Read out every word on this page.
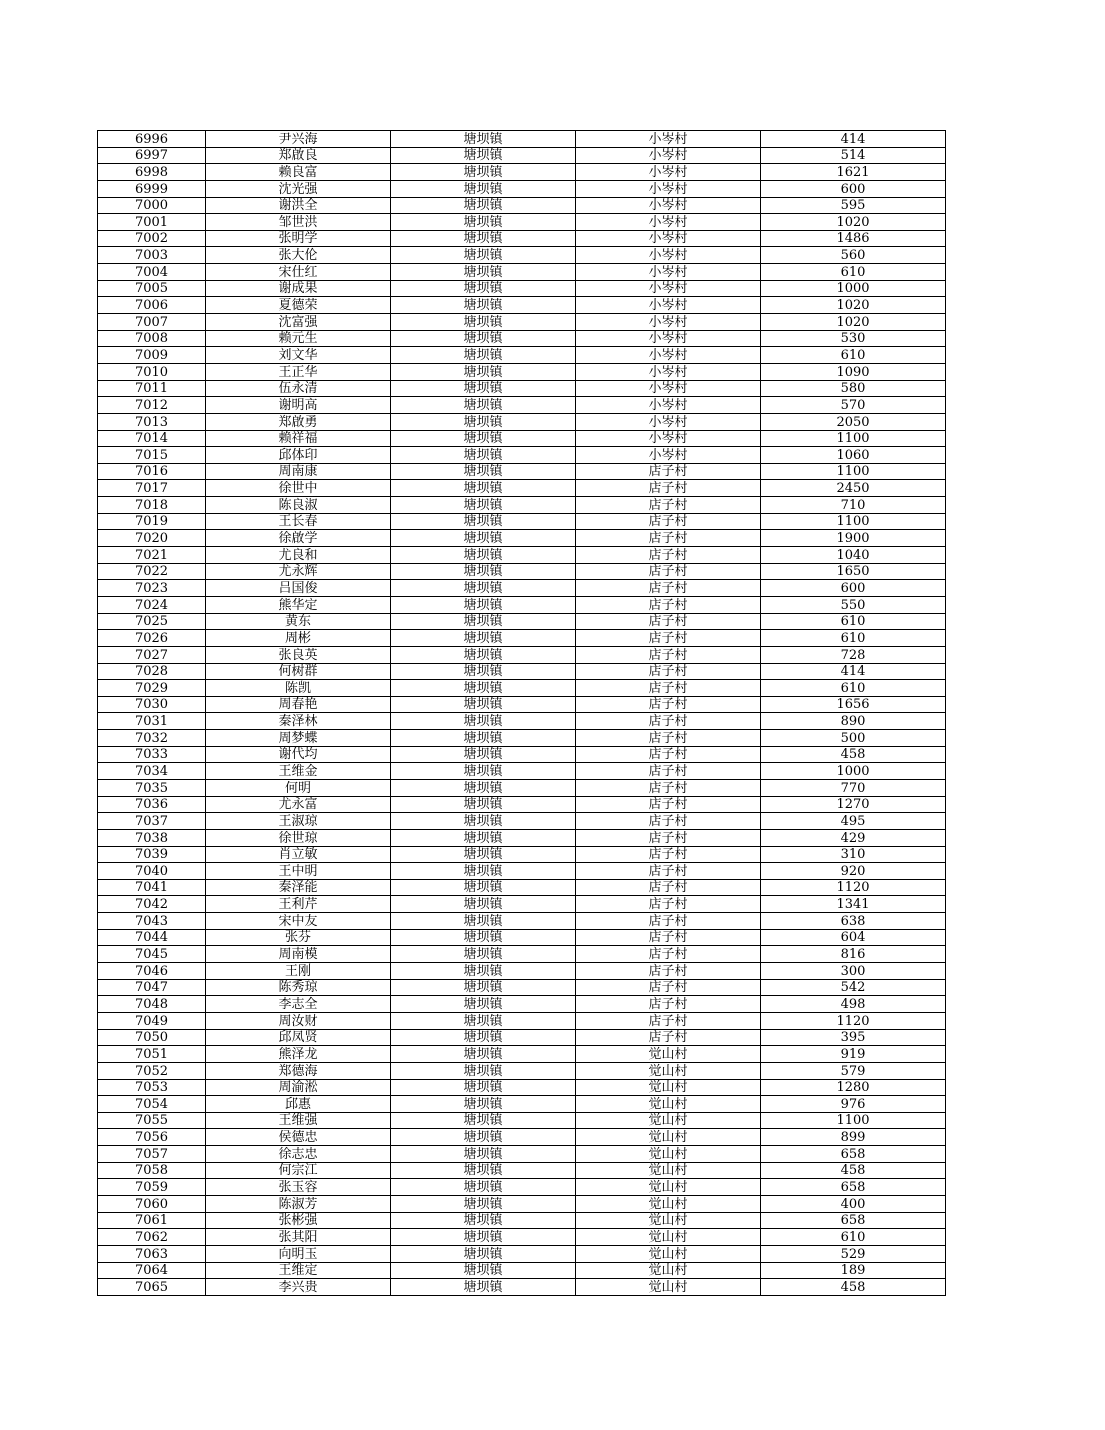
6996	尹兴海	塘坝镇	小岑村	414
6997	郑啟良	塘坝镇	小岑村	514
6998	赖良富	塘坝镇	小岑村	1621
6999	沈光强	塘坝镇	小岑村	600
7000	谢洪全	塘坝镇	小岑村	595
7001	邹世洪	塘坝镇	小岑村	1020
7002	张明学	塘坝镇	小岑村	1486
7003	张大伦	塘坝镇	小岑村	560
7004	宋仕红	塘坝镇	小岑村	610
7005	谢成果	塘坝镇	小岑村	1000
7006	夏德荣	塘坝镇	小岑村	1020
7007	沈富强	塘坝镇	小岑村	1020
7008	赖元生	塘坝镇	小岑村	530
7009	刘文华	塘坝镇	小岑村	610
7010	王正华	塘坝镇	小岑村	1090
7011	伍永清	塘坝镇	小岑村	580
7012	谢明高	塘坝镇	小岑村	570
7013	郑啟勇	塘坝镇	小岑村	2050
7014	赖祥福	塘坝镇	小岑村	1100
7015	邱体印	塘坝镇	小岑村	1060
7016	周南康	塘坝镇	店子村	1100
7017	徐世中	塘坝镇	店子村	2450
7018	陈良淑	塘坝镇	店子村	710
7019	王长春	塘坝镇	店子村	1100
7020	徐啟学	塘坝镇	店子村	1900
7021	尤良和	塘坝镇	店子村	1040
7022	尤永辉	塘坝镇	店子村	1650
7023	吕国俊	塘坝镇	店子村	600
7024	熊华定	塘坝镇	店子村	550
7025	黄东	塘坝镇	店子村	610
7026	周彬	塘坝镇	店子村	610
7027	张良英	塘坝镇	店子村	728
7028	何树群	塘坝镇	店子村	414
7029	陈凯	塘坝镇	店子村	610
7030	周春艳	塘坝镇	店子村	1656
7031	秦泽林	塘坝镇	店子村	890
7032	周梦蝶	塘坝镇	店子村	500
7033	谢代均	塘坝镇	店子村	458
7034	王维金	塘坝镇	店子村	1000
7035	何明	塘坝镇	店子村	770
7036	尤永富	塘坝镇	店子村	1270
7037	王淑琼	塘坝镇	店子村	495
7038	徐世琼	塘坝镇	店子村	429
7039	肖立敏	塘坝镇	店子村	310
7040	王中明	塘坝镇	店子村	920
7041	秦泽能	塘坝镇	店子村	1120
7042	王利芹	塘坝镇	店子村	1341
7043	宋中友	塘坝镇	店子村	638
7044	张芬	塘坝镇	店子村	604
7045	周南模	塘坝镇	店子村	816
7046	王刚	塘坝镇	店子村	300
7047	陈秀琼	塘坝镇	店子村	542
7048	李志全	塘坝镇	店子村	498
7049	周汝财	塘坝镇	店子村	1120
7050	邱凤贤	塘坝镇	店子村	395
7051	熊泽龙	塘坝镇	觉山村	919
7052	郑德海	塘坝镇	觉山村	579
7053	周渝淞	塘坝镇	觉山村	1280
7054	邱惠	塘坝镇	觉山村	976
7055	王维强	塘坝镇	觉山村	1100
7056	侯德忠	塘坝镇	觉山村	899
7057	徐志忠	塘坝镇	觉山村	658
7058	何宗江	塘坝镇	觉山村	458
7059	张玉容	塘坝镇	觉山村	658
7060	陈淑芳	塘坝镇	觉山村	400
7061	张彬强	塘坝镇	觉山村	658
7062	张其阳	塘坝镇	觉山村	610
7063	向明玉	塘坝镇	觉山村	529
7064	王维定	塘坝镇	觉山村	189
7065	李兴贵	塘坝镇	觉山村	458
